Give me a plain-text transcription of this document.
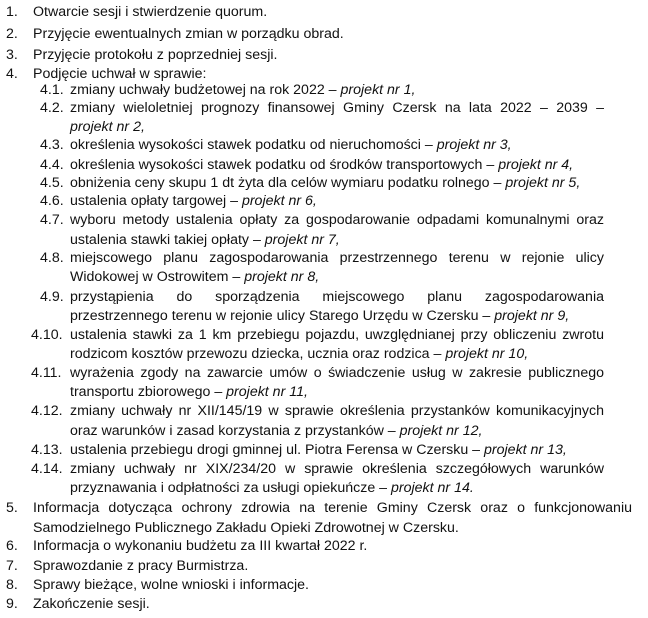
1. Otwarcie sesji i stwierdzenie quorum.
2. Przyjęcie ewentualnych zmian w porządku obrad.
3. Przyjęcie protokołu z poprzedniej sesji.
4. Podjęcie uchwał w sprawie:
4.1. zmiany uchwały budżetowej na rok 2022 – projekt nr 1,
4.2. zmiany wieloletniej prognozy finansowej Gminy Czersk na lata 2022 – 2039 –
projekt nr 2,
4.3. określenia wysokości stawek podatku od nieruchomości – projekt nr 3,
4.4. określenia wysokości stawek podatku od środków transportowych – projekt nr 4,
4.5. obniżenia ceny skupu 1 dt żyta dla celów wymiaru podatku rolnego – projekt nr 5,
4.6. ustalenia opłaty targowej – projekt nr 6,
4.7. wyboru metody ustalenia opłaty za gospodarowanie odpadami komunalnymi oraz
ustalenia stawki takiej opłaty – projekt nr 7,
4.8. miejscowego planu zagospodarowania przestrzennego terenu w rejonie ulicy
Widokowej w Ostrowitem – projekt nr 8,
4.9. przystąpienia do sporządzenia miejscowego planu zagospodarowania
przestrzennego terenu w rejonie ulicy Starego Urzędu w Czersku – projekt nr 9,
4.10. ustalenia stawki za 1 km przebiegu pojazdu, uwzględnianej przy obliczeniu zwrotu
rodzicom kosztów przewozu dziecka, ucznia oraz rodzica – projekt nr 10,
4.11. wyrażenia zgody na zawarcie umów o świadczenie usług w zakresie publicznego
transportu zbiorowego – projekt nr 11,
4.12. zmiany uchwały nr XII/145/19 w sprawie określenia przystanków komunikacyjnych
oraz warunków i zasad korzystania z przystanków – projekt nr 12,
4.13. ustalenia przebiegu drogi gminnej ul. Piotra Ferensa w Czersku – projekt nr 13,
4.14. zmiany uchwały nr XIX/234/20 w sprawie określenia szczegółowych warunków
przyznawania i odpłatności za usługi opiekuńcze – projekt nr 14.
5. Informacja dotycząca ochrony zdrowia na terenie Gminy Czersk oraz o funkcjonowaniu
Samodzielnego Publicznego Zakładu Opieki Zdrowotnej w Czersku.
6. Informacja o wykonaniu budżetu za III kwartał 2022 r.
7. Sprawozdanie z pracy Burmistrza.
8. Sprawy bieżące, wolne wnioski i informacje.
9. Zakończenie sesji.
